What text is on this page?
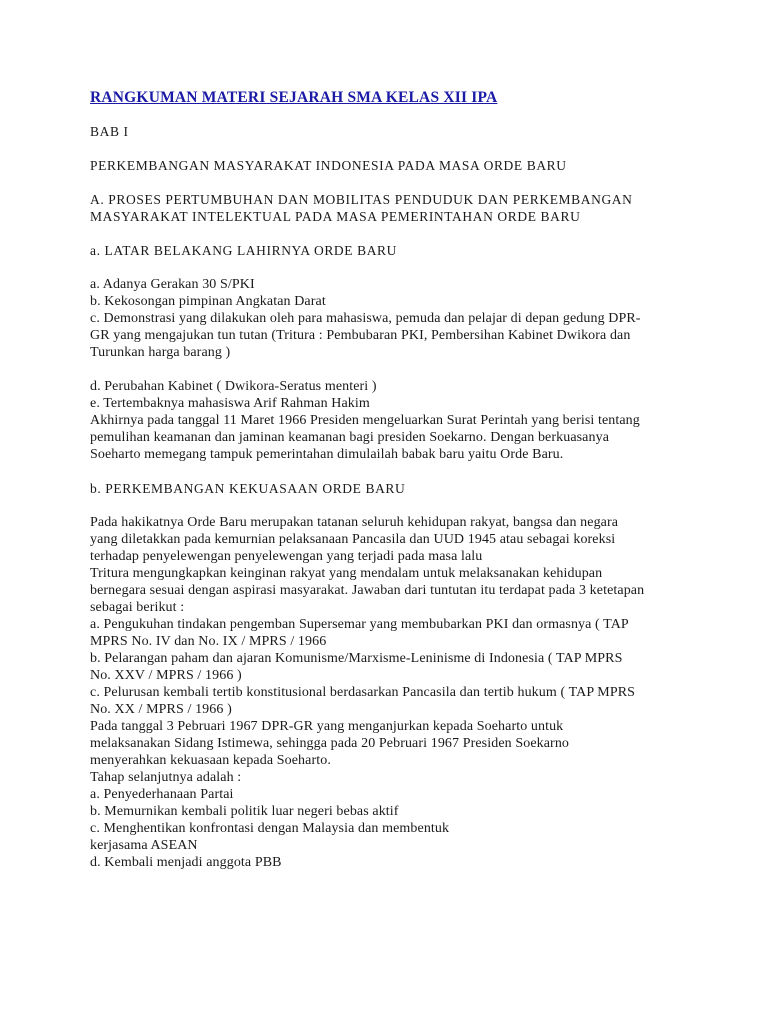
RANGKUMAN MATERI SEJARAH SMA KELAS XII IPA

BAB I

PERKEMBANGAN MASYARAKAT INDONESIA PADA MASA ORDE BARU

A. PROSES PERTUMBUHAN DAN MOBILITAS PENDUDUK DAN PERKEMBANGAN

MASYARAKAT INTELEKTUAL PADA MASA PEMERINTAHAN ORDE BARU

a. LATAR BELAKANG LAHIRNYA ORDE BARU

a. Adanya Gerakan 30 S/PKI

b. Kekosongan pimpinan Angkatan Darat

c. Demonstrasi yang dilakukan oleh para mahasiswa, pemuda dan pelajar di depan gedung DPR-

GR yang mengajukan tun tutan (Tritura : Pembubaran PKI, Pembersihan Kabinet Dwikora dan

Turunkan harga barang )

d. Perubahan Kabinet ( Dwikora-Seratus menteri )

e. Tertembaknya mahasiswa Arif Rahman Hakim

Akhirnya pada tanggal 11 Maret 1966 Presiden mengeluarkan Surat Perintah yang berisi tentang

pemulihan keamanan dan jaminan keamanan bagi presiden Soekarno. Dengan berkuasanya

Soeharto memegang tampuk pemerintahan dimulailah babak baru yaitu Orde Baru.

b. PERKEMBANGAN KEKUASAAN ORDE BARU

Pada hakikatnya Orde Baru merupakan tatanan seluruh kehidupan rakyat, bangsa dan negara

yang diletakkan pada kemurnian pelaksanaan Pancasila dan UUD 1945 atau sebagai koreksi

terhadap penyelewengan penyelewengan yang terjadi pada masa lalu

Tritura mengungkapkan keinginan rakyat yang mendalam untuk melaksanakan kehidupan

bernegara sesuai dengan aspirasi masyarakat. Jawaban dari tuntutan itu terdapat pada 3 ketetapan

sebagai berikut :

a. Pengukuhan tindakan pengemban Supersemar yang membubarkan PKI dan ormasnya ( TAP

MPRS No. IV dan No. IX / MPRS / 1966

b. Pelarangan paham dan ajaran Komunisme/Marxisme-Leninisme di Indonesia ( TAP MPRS

No. XXV / MPRS / 1966 )

c. Pelurusan kembali tertib konstitusional berdasarkan Pancasila dan tertib hukum ( TAP MPRS

No. XX / MPRS / 1966 )

Pada tanggal 3 Pebruari 1967 DPR-GR yang menganjurkan kepada Soeharto untuk

melaksanakan Sidang Istimewa, sehingga pada 20 Pebruari 1967 Presiden Soekarno

menyerahkan kekuasaan kepada Soeharto.

Tahap selanjutnya adalah :

a. Penyederhanaan Partai

b. Memurnikan kembali politik luar negeri bebas aktif

c. Menghentikan konfrontasi dengan Malaysia dan membentuk

kerjasama ASEAN

d. Kembali menjadi anggota PBB
